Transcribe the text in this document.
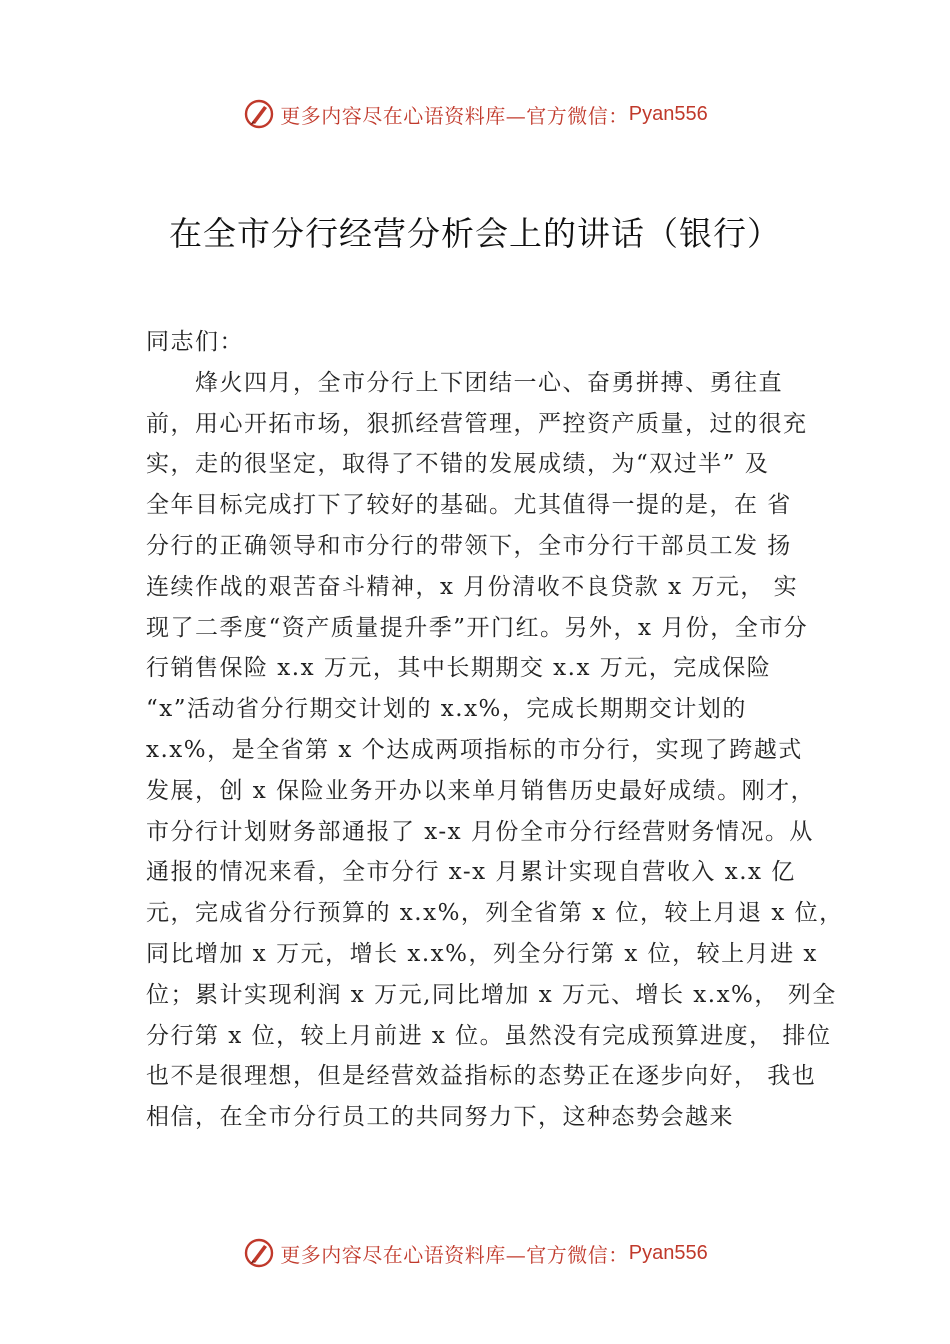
更多内容尽在心语资料库—官方微信： Pyan556
在全市分行经营分析会上的讲话（银行）
同志们：
　　烽火四月，全市分行上下团结一心、奋勇拼搏、勇往直
前，用心开拓市场，狠抓经营管理，严控资产质量，过的很充
实，走的很坚定，取得了不错的发展成绩，为“双过半” 及
全年目标完成打下了较好的基础。尤其值得一提的是，在 省
分行的正确领导和市分行的带领下，全市分行干部员工发 扬
连续作战的艰苦奋斗精神，x 月份清收不良贷款 x 万元， 实
现了二季度“资产质量提升季”开门红。另外，x 月份，全市分
行销售保险 x.x 万元，其中长期期交 x.x 万元，完成保险
“x”活动省分行期交计划的 x.x%，完成长期期交计划的
x.x%，是全省第 x 个达成两项指标的市分行，实现了跨越式
发展，创 x 保险业务开办以来单月销售历史最好成绩。刚才，
市分行计划财务部通报了 x-x 月份全市分行经营财务情况。从
通报的情况来看，全市分行 x-x 月累计实现自营收入 x.x 亿
元，完成省分行预算的 x.x%，列全省第 x 位，较上月退 x 位，
同比增加 x 万元，增长 x.x%，列全分行第 x 位，较上月进 x
位；累计实现利润 x 万元,同比增加 x 万元、增长 x.x%， 列全
分行第 x 位，较上月前进 x 位。虽然没有完成预算进度， 排位
也不是很理想，但是经营效益指标的态势正在逐步向好， 我也
相信，在全市分行员工的共同努力下，这种态势会越来
更多内容尽在心语资料库—官方微信： Pyan556
